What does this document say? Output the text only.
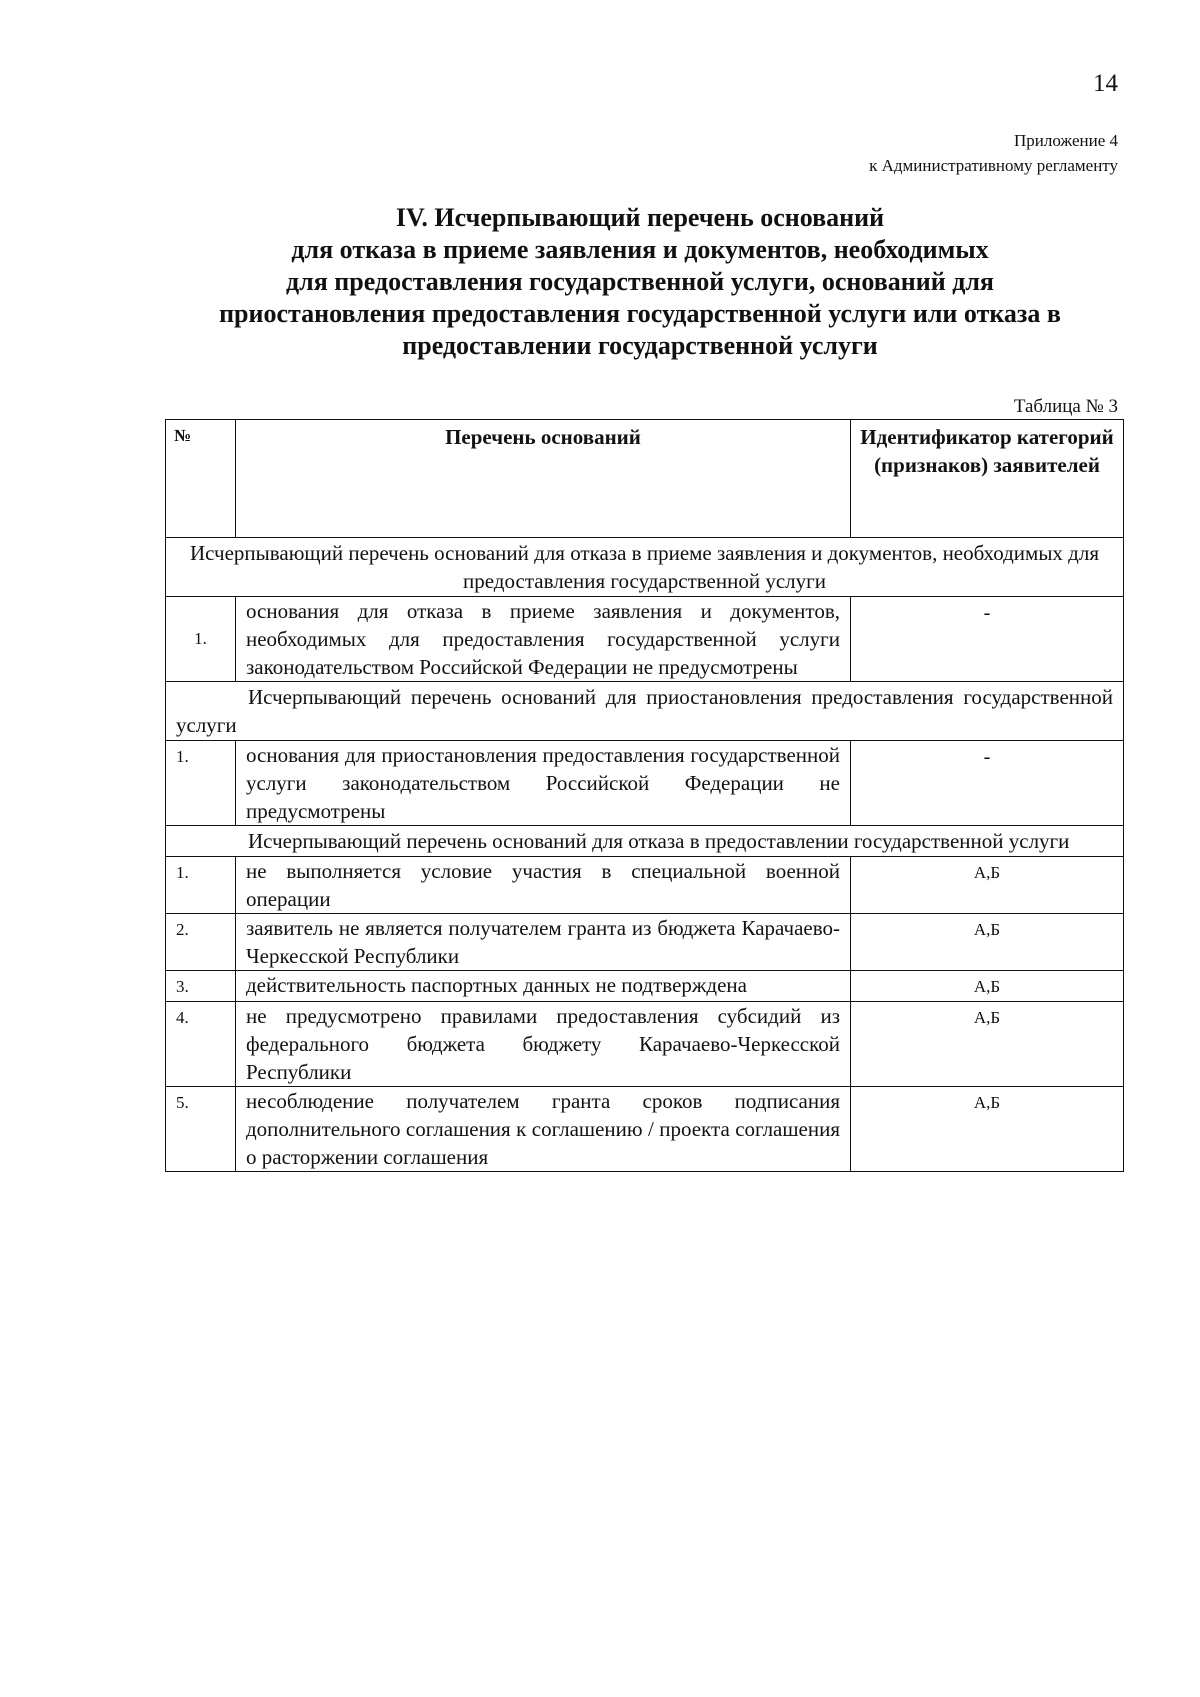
14
Приложение 4
к Административному регламенту
IV. Исчерпывающий перечень оснований
для отказа в приеме заявления и документов, необходимых
для предоставления государственной услуги, оснований для
приостановления предоставления государственной услуги или отказа в
предоставлении государственной услуги
Таблица № 3
№	Перечень оснований	Идентификатор категорий (признаков) заявителей
Исчерпывающий перечень оснований для отказа в приеме заявления и документов, необходимых для предоставления государственной услуги		
1.	основания для отказа в приеме заявления и документов, необходимых для предоставления государственной услуги законодательством Российской Федерации не предусмотрены	-
Исчерпывающий перечень оснований для приостановления предоставления государственной услуги		
1.	основания для приостановления предоставления государственной услуги законодательством Российской Федерации не предусмотрены	-
Исчерпывающий перечень оснований для отказа в предоставлении государственной услуги		
1.	не выполняется условие участия в специальной военной операции	А,Б
2.	заявитель не является получателем гранта из бюджета Карачаево-Черкесской Республики	А,Б
3.	действительность паспортных данных не подтверждена	А,Б
4.	не предусмотрено правилами предоставления субсидий из федерального бюджета бюджету Карачаево-Черкесской Республики	А,Б
5.	несоблюдение получателем гранта сроков подписания дополнительного соглашения к соглашению / проекта соглашения о расторжении соглашения	А,Б
